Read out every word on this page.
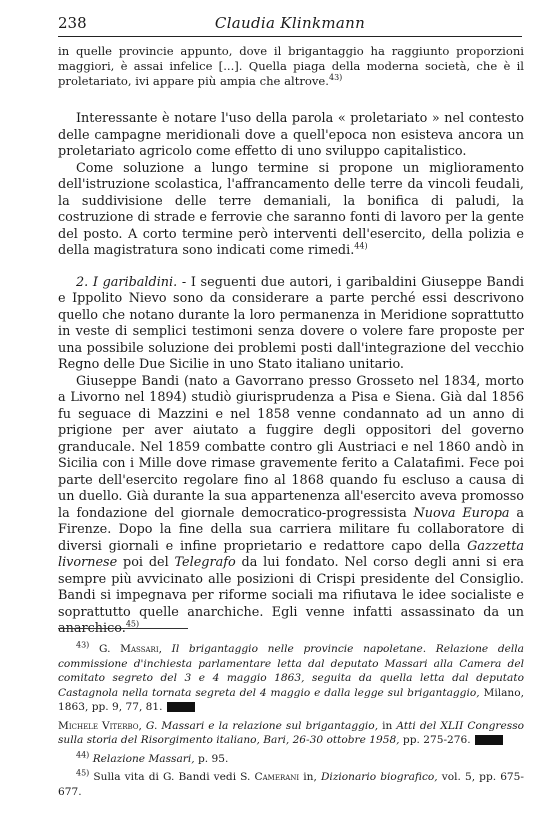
238	Claudia Klinkmann

in quelle provincie appunto, dove il brigantaggio ha raggiunto proporzioni maggiori, è assai infelice [...]. Quella piaga della moderna società, che è il proletariato, ivi appare più ampia che altrove.$^{43)}$

Interessante è notare l'uso della parola « proletariato » nel contesto delle campagne meridionali dove a quell'epoca non esisteva ancora un proletariato agricolo come effetto di uno sviluppo capitalistico.

Come soluzione a lungo termine si propone un miglioramento dell'istruzione scolastica, l'affrancamento delle terre da vincoli feudali, la suddivisione delle terre demaniali, la bonifica di paludi, la costruzione di strade e ferrovie che saranno fonti di lavoro per la gente del posto. A corto termine però interventi dell'esercito, della polizia e della magistratura sono indicati come rimedi.$^{44)}$

2. I garibaldini. - I seguenti due autori, i garibaldini Giuseppe Bandi e Ippolito Nievo sono da considerare a parte perché essi descrivono quello che notano durante la loro permanenza in Meridione soprattutto in veste di semplici testimoni senza dovere o volere fare proposte per una possibile soluzione dei problemi posti dall'integrazione del vecchio Regno delle Due Sicilie in uno Stato italiano unitario.

Giuseppe Bandi (nato a Gavorrano presso Grosseto nel 1834, morto a Livorno nel 1894) studiò giurisprudenza a Pisa e Siena. Già dal 1856 fu seguace di Mazzini e nel 1858 venne condannato ad un anno di prigione per aver aiutato a fuggire degli oppositori del governo granducale. Nel 1859 combatte contro gli Austriaci e nel 1860 andò in Sicilia con i Mille dove rimase gravemente ferito a Calatafimi. Fece poi parte dell'esercito regolare fino al 1868 quando fu escluso a causa di un duello. Già durante la sua appartenenza all'esercito aveva promosso la fondazione del giornale democratico-progressista Nuova Europa a Firenze. Dopo la fine della sua carriera militare fu collaboratore di diversi giornali e infine proprietario e redattore capo della Gazzetta livornese poi del Telegrafo da lui fondato. Nel corso degli anni si era sempre più avvicinato alle posizioni di Crispi presidente del Consiglio. Bandi si impegnava per riforme sociali ma rifiutava le idee socialiste e soprattutto quelle anarchiche. Egli venne infatti assassinato da un anarchico.$^{45)}$

$^{43)}$ G. Massari, Il brigantaggio nelle provincie napoletane. Relazione della commissione d'inchiesta parlamentare letta dal deputato Massari alla Camera del comitato segreto del 3 e 4 maggio 1863, seguita da quella letta dal deputato Castagnola nella tornata segreta del 4 maggio e dalla legge sul brigantaggio, Milano, 1863, pp. 9, 77, 81.

Michele Viterbo, G. Massari e la relazione sul brigantaggio, in Atti del XLII Congresso sulla storia del Risorgimento italiano, Bari, 26-30 ottobre 1958, pp. 275-276.

$^{44)}$ Relazione Massari, p. 95.

$^{45)}$ Sulla vita di G. Bandi vedi S. Camerani in, Dizionario biografico, vol. 5, pp. 675-677.
